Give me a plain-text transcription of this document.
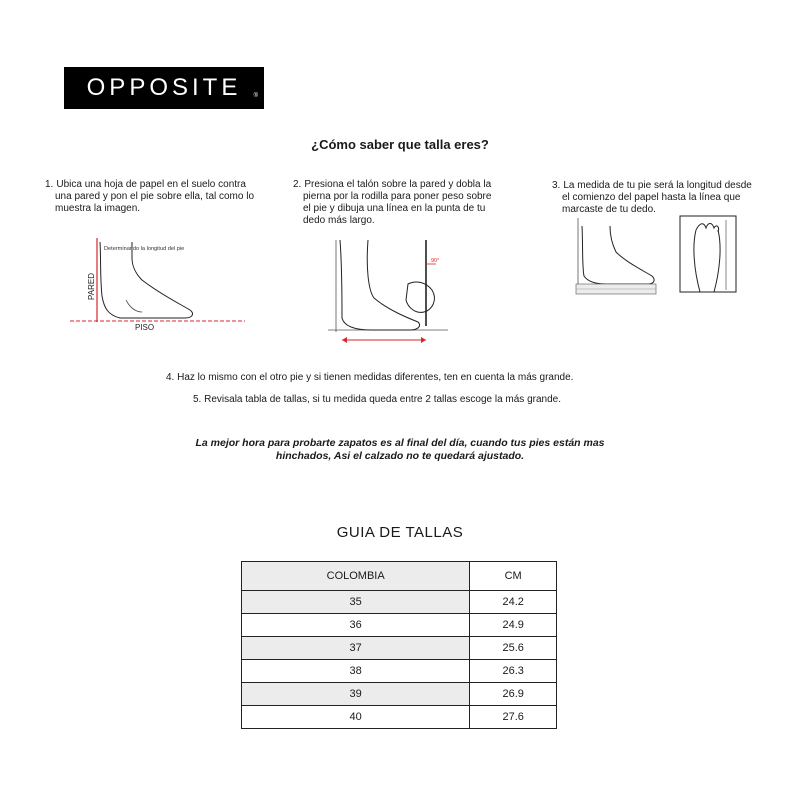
OPPOSITE ®
¿Cómo saber que talla eres?
1. Ubica una hoja de papel en el suelo contra
una pared y pon el pie sobre ella, tal como lo
muestra la imagen.
2. Presiona el talón sobre la pared y dobla la
pierna por la rodilla para poner peso sobre
el pie y dibuja una línea en la punta de tu
dedo más largo.
3. La medida de tu pie será la longitud desde
el comienzo del papel hasta la línea que
marcaste de tu dedo.
Determinando la longitud del pie
PARED
PISO
90°
4. Haz lo mismo con el otro pie y si tienen medidas diferentes, ten en cuenta la más grande.
5. Revisala tabla de tallas, si tu medida queda entre 2 tallas escoge la más grande.
La mejor hora para probarte zapatos es al final del día, cuando tus pies están mas
hinchados, Asi el calzado no te quedará ajustado.
GUIA DE TALLAS
COLOMBIA	CM
35	24.2
36	24.9
37	25.6
38	26.3
39	26.9
40	27.6
